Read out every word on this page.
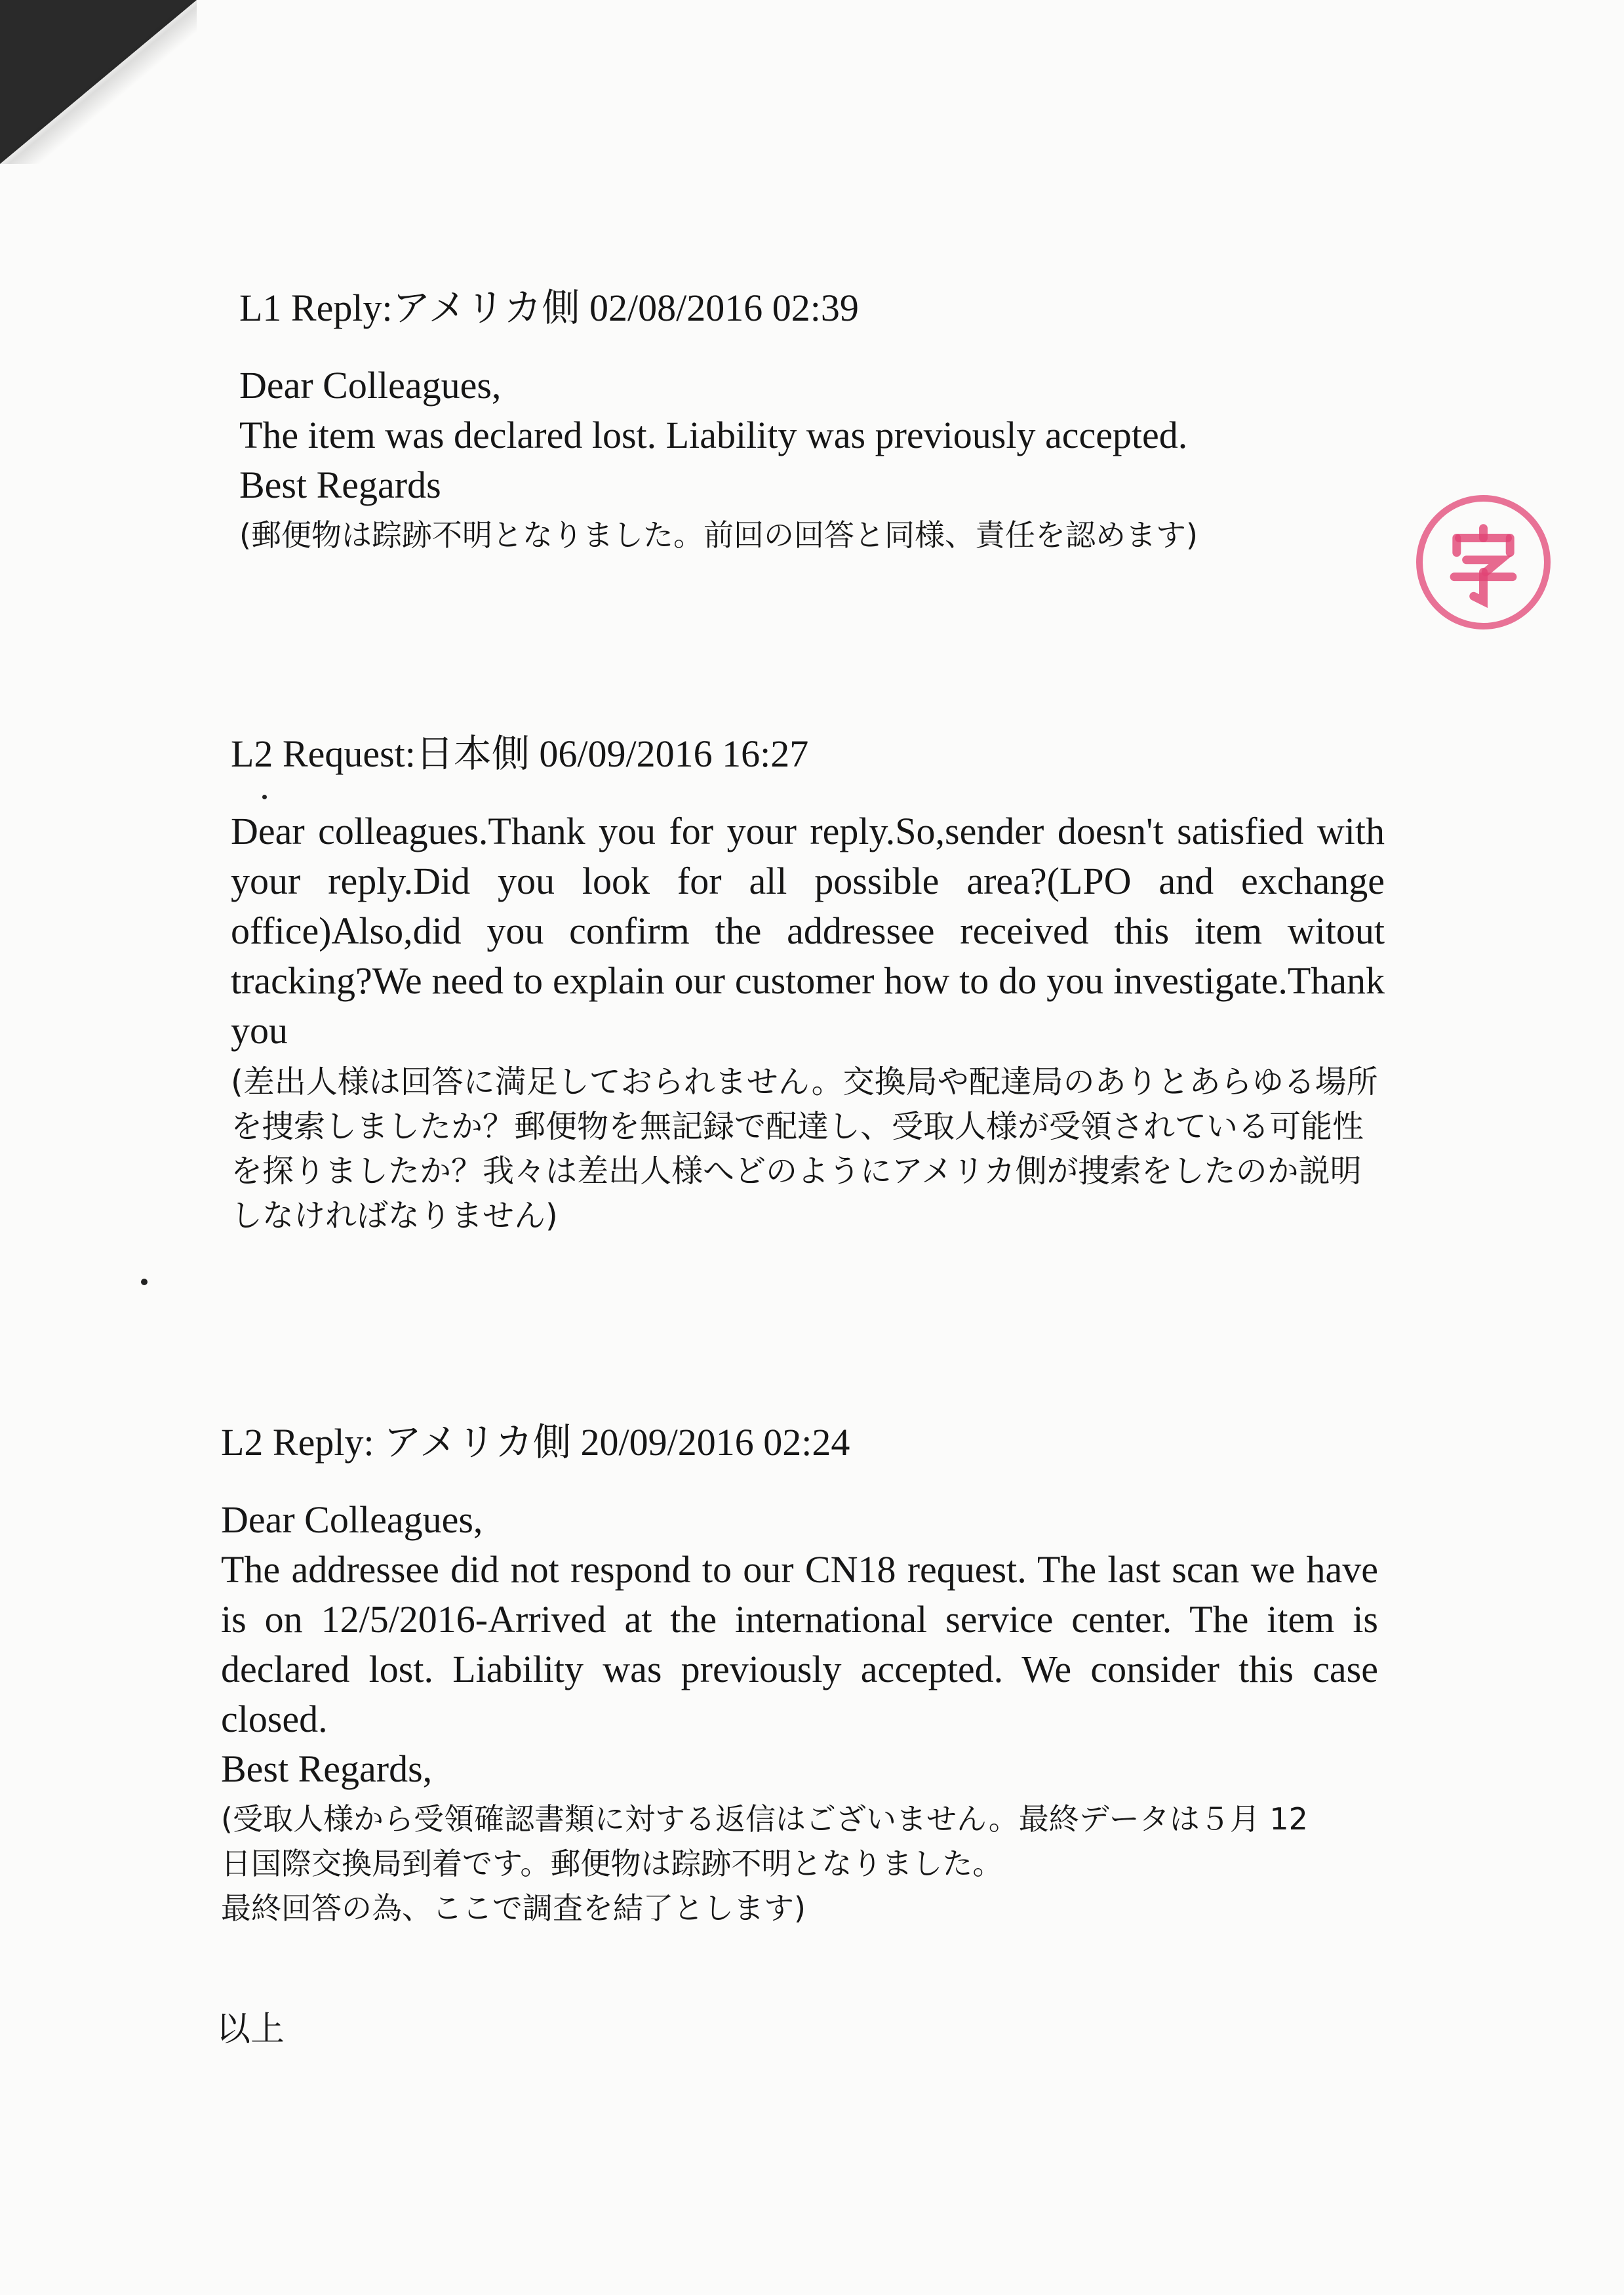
L1 Reply:アメリカ側 02/08/2016 02:39
Dear Colleagues,
The item was declared lost. Liability was previously accepted.
Best Regards
(郵便物は踪跡不明となりました。前回の回答と同様、責任を認めます)
L2 Request:日本側 06/09/2016 16:27
Dear colleagues.Thank you for your reply.So,sender doesn't satisfied with your reply.Did you look for all possible area?(LPO and exchange office)Also,did you confirm the addressee received this item witout tracking?We need to explain our customer how to do you investigate.Thank you
(差出人様は回答に満足しておられません。交換局や配達局のありとあらゆる場所を捜索しましたか？郵便物を無記録で配達し、受取人様が受領されている可能性を探りましたか？我々は差出人様へどのようにアメリカ側が捜索をしたのか説明しなければなりません)
L2 Reply: アメリカ側 20/09/2016 02:24
Dear Colleagues,
The addressee did not respond to our CN18 request. The last scan we have is on 12/5/2016-Arrived at the international service center. The item is declared lost. Liability was previously accepted. We consider this case closed.
Best Regards,
(受取人様から受領確認書類に対する返信はございません。最終データは５月 12
日国際交換局到着です。郵便物は踪跡不明となりました。
最終回答の為、ここで調査を結了とします)
以上
